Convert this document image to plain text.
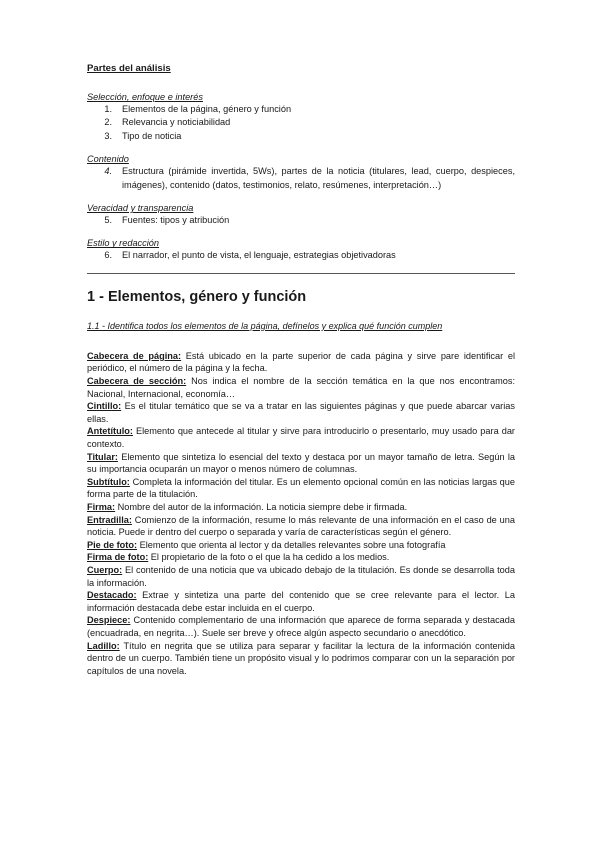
Partes del análisis
Selección, enfoque e interés
1.	Elementos de la página, género y función
2.	Relevancia y noticiabilidad
3.	Tipo de noticia
Contenido
4.	Estructura (pirámide invertida, 5Ws), partes de la noticia (titulares, lead, cuerpo, despieces, imágenes), contenido (datos, testimonios, relato, resúmenes, interpretación…)
Veracidad y transparencia
5.	Fuentes: tipos y atribución
Estilo y redacción
6.	El narrador, el punto de vista, el lenguaje, estrategias objetivadoras
1 - Elementos, género y función
1.1 - Identifica todos los elementos de la página, defínelos y explica qué función cumplen

Cabecera de página: Está ubicado en la parte superior de cada página y sirve pare identificar el periódico, el número de la página y la fecha.

Cabecera de sección: Nos indica el nombre de la sección temática en la que nos encontramos: Nacional, Internacional, economía…

Cintillo: Es el titular temático que se va a tratar en las siguientes páginas y que puede abarcar varias ellas.

Antetítulo: Elemento que antecede al titular y sirve para introducirlo o presentarlo, muy usado para dar contexto.

Titular: Elemento que sintetiza lo esencial del texto y destaca por un mayor tamaño de letra. Según la su importancia ocuparán un mayor o menos número de columnas.

Subtítulo: Completa la información del titular. Es un elemento opcional común en las noticias largas que forma parte de la titulación.

Firma: Nombre del autor de la información. La noticia siempre debe ir firmada.

Entradilla: Comienzo de la información, resume lo más relevante de una información en el caso de una noticia. Puede ir dentro del cuerpo o separada y varía de características según el género.

Pie de foto: Elemento que orienta al lector y da detalles relevantes sobre una fotografía

Firma de foto: El propietario de la foto o el que la ha cedido a los medios.

Cuerpo: El contenido de una noticia que va ubicado debajo de la titulación. Es donde se desarrolla toda la información.

Destacado: Extrae y sintetiza una parte del contenido que se cree relevante para el lector. La información destacada debe estar incluida en el cuerpo.

Despiece: Contenido complementario de una información que aparece de forma separada y destacada (encuadrada, en negrita…). Suele ser breve y ofrece algún aspecto secundario o anecdótico.

Ladillo: Título en negrita que se utiliza para separar y facilitar la lectura de la información contenida dentro de un cuerpo. También tiene un propósito visual y lo podrimos comparar con un la separación por capítulos de una novela.
